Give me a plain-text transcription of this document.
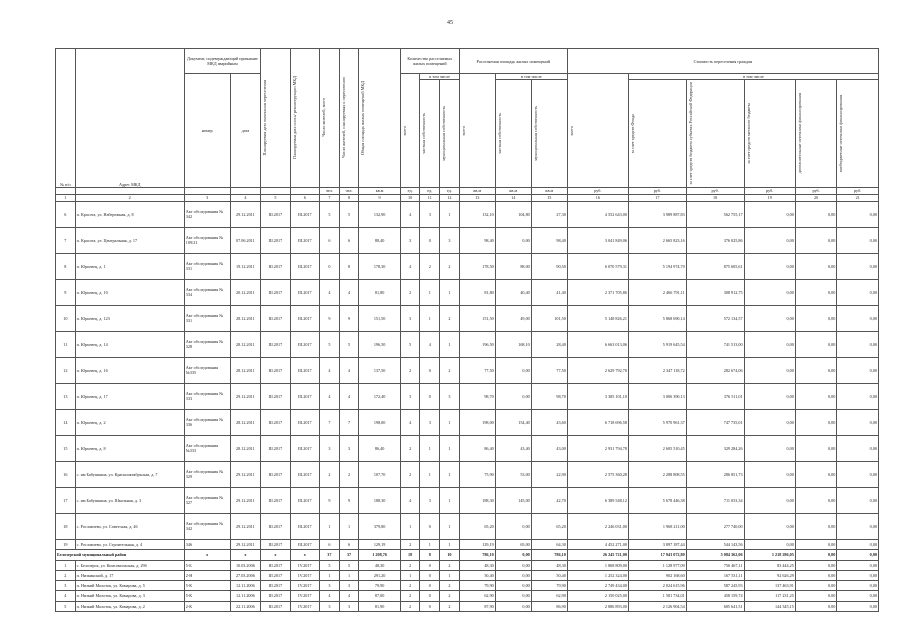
45
№ п/п	Адрес МКД	Документ, подтверждающий признание МКД аварийным		Планируемая дата окончания переселения	Планируемая дата сноса/ реконструкции МКД	Число жителей, всего	Число жителей, планируемых к переселению	Общая площадь жилых помещений МКД	Количество расселяемых жилых помещений			Расселяемая площадь жилых помещений			Стоимость переселения граждан					
		номер	дата						всего	в том числе		всего	в том числе		всего	в том числе				

										частная собственность	муниципальная собственность		частная собственность	муниципальная собственность		за счет средств Фонда	за счет средств бюджета субъекта Российской Федерации	за счет средств местного бюджета	дополнительные источники финансирования	внебюджетные источники финансирования

						чел.	чел.	кв.м	ед.	ед.	ед.	кв.м	кв.м	кв.м	руб.	руб.	руб.	руб.	руб.	руб.
1	2	3	4	5	6	7	8	9	10	11	12	13	14	15	16	17	18	19	20	21
6	п. Красота, ул. Набережная, д. 8	Акт обследования № 342	29.12.2011	III.2017	III.2017	5	5	132,90	4	3	1	132,10	104,80	27,30	4 552 643,00	3 989 887,83	562 755,17	0,00	0,00	0,00
7	п. Красота, ул. Центральная, д. 17	Акт обследования № 109/21	07.06.2011	III.2017	III.2017	6	6	88,40	3	0	3	98,40	0,00	98,40	3 041 849,06	2 665 823,16	376 025,86	0,00	0,00	0,00
8	п. Юрьевец, д. 1	Акт обследования № 331	19.12.2011	III.2017	III.2017	0	8	178,30	4	2	2	178,50	88,00	90,50	6 070 579,31	5 194 974,70	875 605,61	0,00	0,00	0,00
9	п. Юрьевец, д. 10	Акт обследования № 334	20.12.2011	III.2017	III.2017	4	4	81,80	2	1	1	81,80	40,40	41,40	2 371 705,86	2 466 791,11	308 912,75	0,00	0,00	0,00
10	п. Юрьевец, д. 123	Акт обследования № 331	28.12.2011	III.2017	III.2017	9	9	151,50	3	1	2	151,50	49,00	101,50	5 148 826,21	5 868 690,14	572 134,57	0,00	0,00	0,00
11	п. Юрьевец, д. 14	Акт обследования № 328	28.12.2011	III.2017	III.2017	5	5	196,50	5	4	1	196,50	168,10	28,40	6 663 013,06	5 919 645,54	741 513,00	0,00	0,00	0,00
12	п. Юрьевец, д. 16	Акт обследования №335	28.12.2011	III.2017	III.2017	4	4	137,50	2	0	2	77,50	0,00	77,50	2 629 792,70	2 347 118,72	282 674,06	0,00	0,00	0,00
13	п. Юрьевец, д. 17	Акт обследования № 333	29.12.2011	III.2017	III.2017	4	4	172,40	3	0	3	98,70	0,00	98,70	3 385 101,10	3 006 390,13	376 511,01	0,00	0,00	0,00
14	п. Юрьевец, д. 2	Акт обследования № 336	28.12.2011	III.2017	III.2017	7	7	198,00	4	3	1	198,00	154,40	43,60	6 718 696,58	5 970 961,37	747 735,01	0,00	0,00	0,00
15	п. Юрьевец, д. 8	Акт обследования №333	28.12.2011	III.2017	III.2017	3	3	86,40	2	1	1	86,40	43,40	43,00	2 931 794,78	2 605 510,45	329 284,26	0,00	0,00	0,00
16	с. им Бабушкина, ул. Краснооктябрьская, д. 7	Акт обследования № 329	29.12.2011	III.2017	III.2017	2	2	107,70	2	1	1	75,90	53,00	22,90	2 575 360,28	2 288 808,55	286 851,73	0,00	0,00	0,00
17	с. им Бабушкина, ул. Школьная, д. 3	Акт обследования № 327	29.12.2011	III.2017	III.2017	9	9	188,30	4	3	1	188,30	145,00	42,70	6 389 548,12	5 678 446,38	711 033,34	0,00	0,00	0,00
18	с. Рославлево, ул. Советская, д. 46	Акт обследования № 342	29.12.2011	III.2017	III.2017	1	1	379,80	1	0	1	65,20	0,00	65,20	2 246 031,00	1 968 211,00	277 740,00	0,00	0,00	0,00
19	с. Рославлево, ул. Строительная, д. 4	346	29.12.2011	III.2017	III.2017	6	6	129,19	2	1	1	129,19	65,00	64,30	4 452 271,00	3 897 187,44	544 143,56	0,00	0,00	0,00
Белозерский муниципальный район		х	х	х	х	37	37	1 208,76	18	8	10	786,10	0,00	786,10	26 245 721,00	17 943 072,80	5 084 362,06	1 218 286,05	0,00	0,00
1	с. Белозерск, ул. Комсомольская, д. 29б	5-Б	10.03.2006	III.2017	IV.2017	5	5	48,30	2	0	2	48,30	0,00	48,30	1 868 809,00	1 128 977,09	756 467,11	83 444,25	0,00	0,00
2	п. Низкинский, д. 17	2-Н	27.03.2006	III.2017	IV.2017	1	1	291,20	1	0	1	50,40	0,00	50,40	1 252 324,00	902 168,60	167 531,11	92 626,29	0,00	0,00
3	п. Низкий Молоток, ул. Комарова, д. 5	5-К	12.11.2006	III.2017	IV.2017	3	3	79,90	2	0	2	79,90	0,00	79,90	2 749 434,00	2 024 615,96	587 245,93	137 463,91	0,00	0,00
4	п. Низкий Молоток, ул. Комарова, д. 3	5-К	12.11.2006	III.2017	IV.2017	4	4	87,00	2	0	2	62,90	0,00	62,90	2 150 025,00	1 581 734,01	458 159,74	117 231,25	0,00	0,00
5	п. Низкий Молоток, ул. Комарова, д. 2	2-К	22.11.2006	III.2017	IV.2017	3	3	81,90	2	0	2	87,90	0,00	86,90	2 886 893,00	2 126 904,54	605 641,51	144 345,15	0,00	0,00
